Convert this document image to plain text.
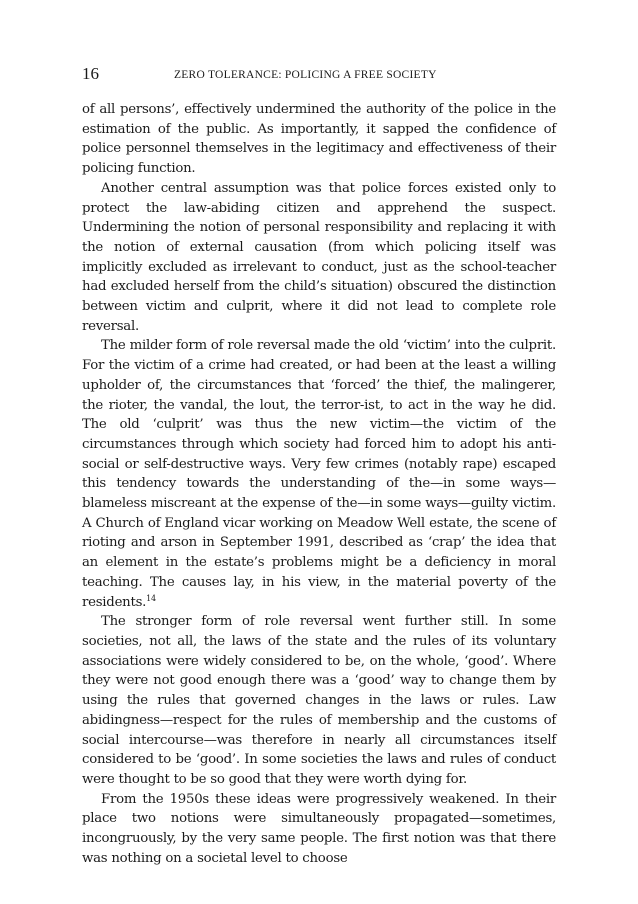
16	ZERO TOLERANCE: POLICING A FREE SOCIETY

of all persons’, effectively undermined the authority of the police in the estimation of the public. As importantly, it sapped the confidence of police personnel themselves in the legitimacy and effectiveness of their policing function.

Another central assumption was that police forces existed only to protect the law-abiding citizen and apprehend the suspect. Undermining the notion of personal responsibility and replacing it with the notion of external causation (from which policing itself was implicitly excluded as irrelevant to conduct, just as the school-teacher had excluded herself from the child’s situation) obscured the distinction between victim and culprit, where it did not lead to complete role reversal.

The milder form of role reversal made the old ‘victim’ into the culprit. For the victim of a crime had created, or had been at the least a willing upholder of, the circumstances that ‘forced’ the thief, the malingerer, the rioter, the vandal, the lout, the terror-ist, to act in the way he did. The old ‘culprit’ was thus the new victim—the victim of the circumstances through which society had forced him to adopt his anti-social or self-destructive ways. Very few crimes (notably rape) escaped this tendency towards the understanding of the—in some ways—blameless miscreant at the expense of the—in some ways—guilty victim. A Church of England vicar working on Meadow Well estate, the scene of rioting and arson in September 1991, described as ‘crap’ the idea that an element in the estate’s problems might be a deficiency in moral teaching. The causes lay, in his view, in the material poverty of the residents.$^{14}$

The stronger form of role reversal went further still. In some societies, not all, the laws of the state and the rules of its voluntary associations were widely considered to be, on the whole, ‘good’. Where they were not good enough there was a ‘good’ way to change them by using the rules that governed changes in the laws or rules. Law abidingness—respect for the rules of membership and the customs of social intercourse—was therefore in nearly all circumstances itself considered to be ‘good’. In some societies the laws and rules of conduct were thought to be so good that they were worth dying for.

From the 1950s these ideas were progressively weakened. In their place two notions were simultaneously propagated—sometimes, incongruously, by the very same people. The first notion was that there was nothing on a societal level to choose
